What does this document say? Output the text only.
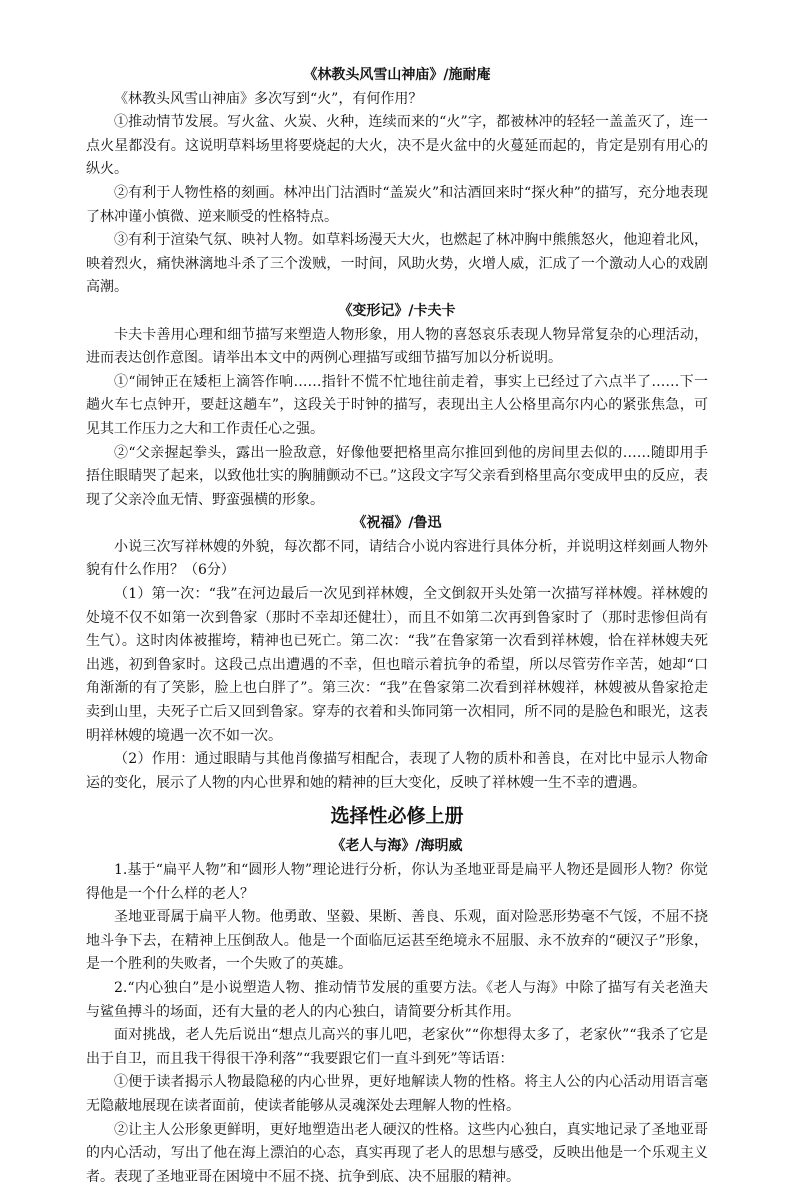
《林教头风雪山神庙》/施耐庵

《林教头风雪山神庙》多次写到“火”，有何作用？

①推动情节发展。写火盆、火炭、火种，连续而来的“火”字，都被林冲的轻轻一盖盖灭了，连一点火星都没有。这说明草料场里将要烧起的大火，决不是火盆中的火蔓延而起的，肯定是别有用心的纵火。

②有利于人物性格的刻画。林冲出门沽酒时“盖炭火”和沽酒回来时“探火种”的描写，充分地表现了林冲谨小慎微、逆来顺受的性格特点。

③有利于渲染气氛、映衬人物。如草料场漫天大火，也燃起了林冲胸中熊熊怒火，他迎着北风，映着烈火，痛快淋漓地斗杀了三个泼贼，一时间，风助火势，火增人威，汇成了一个激动人心的戏剧高潮。

《变形记》/卡夫卡

卡夫卡善用心理和细节描写来塑造人物形象，用人物的喜怒哀乐表现人物异常复杂的心理活动，进而表达创作意图。请举出本文中的两例心理描写或细节描写加以分析说明。

①“闹钟正在矮柜上滴答作响……指针不慌不忙地往前走着，事实上已经过了六点半了……下一趟火车七点钟开，要赶这趟车”，这段关于时钟的描写，表现出主人公格里高尔内心的紧张焦急，可见其工作压力之大和工作责任心之强。

②“父亲握起拳头，露出一脸敌意，好像他要把格里高尔推回到他的房间里去似的……随即用手捂住眼睛哭了起来，以致他壮实的胸脯颤动不已。”这段文字写父亲看到格里高尔变成甲虫的反应，表现了父亲冷血无情、野蛮强横的形象。

《祝福》/鲁迅

小说三次写祥林嫂的外貌，每次都不同，请结合小说内容进行具体分析，并说明这样刻画人物外貌有什么作用？（6分）

（1）第一次：“我”在河边最后一次见到祥林嫂，全文倒叙开头处第一次描写祥林嫂。祥林嫂的处境不仅不如第一次到鲁家（那时不幸却还健壮），而且不如第二次再到鲁家时了（那时悲惨但尚有生气）。这时肉体被摧垮，精神也已死亡。第二次：“我”在鲁家第一次看到祥林嫂，恰在祥林嫂夫死出逃，初到鲁家时。这段己点出遭遇的不幸，但也暗示着抗争的希望，所以尽管劳作辛苦，她却“口角渐渐的有了笑影，脸上也白胖了”。第三次：“我”在鲁家第二次看到祥林嫂祥，林嫂被从鲁家抢走卖到山里，夫死子亡后又回到鲁家。穿寿的衣着和头饰同第一次相同，所不同的是脸色和眼光，这表明祥林嫂的境遇一次不如一次。

（2）作用：通过眼睛与其他肖像描写相配合，表现了人物的质朴和善良，在对比中显示人物命运的变化，展示了人物的内心世界和她的精神的巨大变化，反映了祥林嫂一生不幸的遭遇。

选择性必修上册
《老人与海》/海明威

1.基于“扁平人物”和“圆形人物”理论进行分析，你认为圣地亚哥是扁平人物还是圆形人物？你觉得他是一个什么样的老人？

圣地亚哥属于扁平人物。他勇敢、坚毅、果断、善良、乐观，面对险恶形势毫不气馁，不屈不挠地斗争下去，在精神上压倒敌人。他是一个面临厄运甚至绝境永不屈服、永不放弃的“硬汉子”形象，是一个胜利的失败者，一个失败了的英雄。

2.“内心独白”是小说塑造人物、推动情节发展的重要方法。《老人与海》中除了描写有关老渔夫与鲨鱼搏斗的场面，还有大量的老人的内心独白，请简要分析其作用。

面对挑战，老人先后说出“想点儿高兴的事儿吧，老家伙”“你想得太多了，老家伙”“我杀了它是出于自卫，而且我干得很干净利落”“我要跟它们一直斗到死”等话语：

①便于读者揭示人物最隐秘的内心世界，更好地解读人物的性格。将主人公的内心活动用语言毫无隐蔽地展现在读者面前，使读者能够从灵魂深处去理解人物的性格。

②让主人公形象更鲜明，更好地塑造出老人硬汉的性格。这些内心独白，真实地记录了圣地亚哥的内心活动，写出了他在海上漂泊的心态，真实再现了老人的思想与感受，反映出他是一个乐观主义者。表现了圣地亚哥在困境中不屈不挠、抗争到底、决不屈服的精神。
